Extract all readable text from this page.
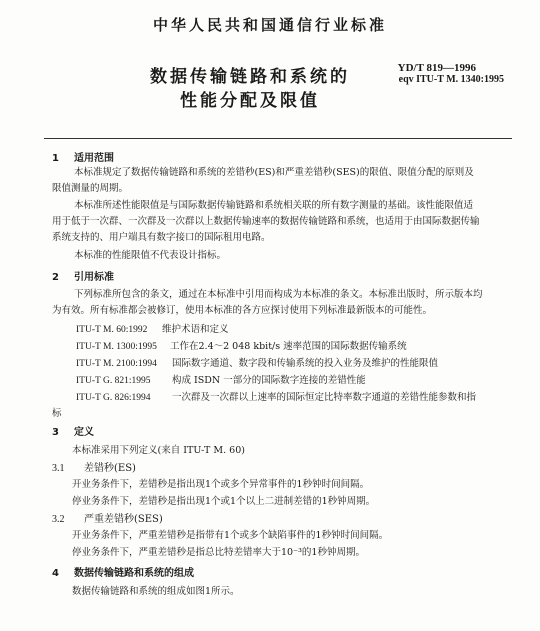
中华人民共和国通信行业标准
数据传输链路和系统的
性能分配及限值
YD/T 819—1996
eqv ITU-T M. 1340:1995
1 适用范围
本标准规定了数据传输链路和系统的差错秒(ES)和严重差错秒(SES)的限值、限值分配的原则及
限值测量的周期。
本标准所述性能限值是与国际数据传输链路和系统相关联的所有数字测量的基础。该性能限值适
用于低于一次群、一次群及一次群以上数据传输速率的数据传输链路和系统，也适用于由国际数据传输
系统支持的、用户端具有数字接口的国际租用电路。
本标准的性能限值不代表设计指标。
2 引用标准
下列标准所包含的条文，通过在本标准中引用而构成为本标准的条文。本标准出版时，所示版本均
为有效。所有标准都会被修订，使用本标准的各方应探讨使用下列标准最新版本的可能性。
ITU-T M. 60:1992 维护术语和定义
ITU-T M. 1300:1995 工作在2.4～2 048 kbit/s 速率范围的国际数据传输系统
ITU-T M. 2100:1994 国际数字通道、数字段和传输系统的投入业务及维护的性能限值
ITU-T G. 821:1995 构成 ISDN 一部分的国际数字连接的差错性能
ITU-T G. 826:1994 一次群及一次群以上速率的国际恒定比特率数字通道的差错性能参数和指
标
3 定义
本标准采用下列定义(来自 ITU-T M. 60)
3.1 差错秒(ES)
开业务条件下，差错秒是指出现1个或多个异常事件的1秒钟时间间隔。
停业务条件下，差错秒是指出现1个或1个以上二进制差错的1秒钟周期。
3.2 严重差错秒(SES)
开业务条件下，严重差错秒是指带有1个或多个缺陷事件的1秒钟时间间隔。
停业务条件下，严重差错秒是指总比特差错率大于10⁻³的1秒钟周期。
4 数据传输链路和系统的组成
数据传输链路和系统的组成如图1所示。
